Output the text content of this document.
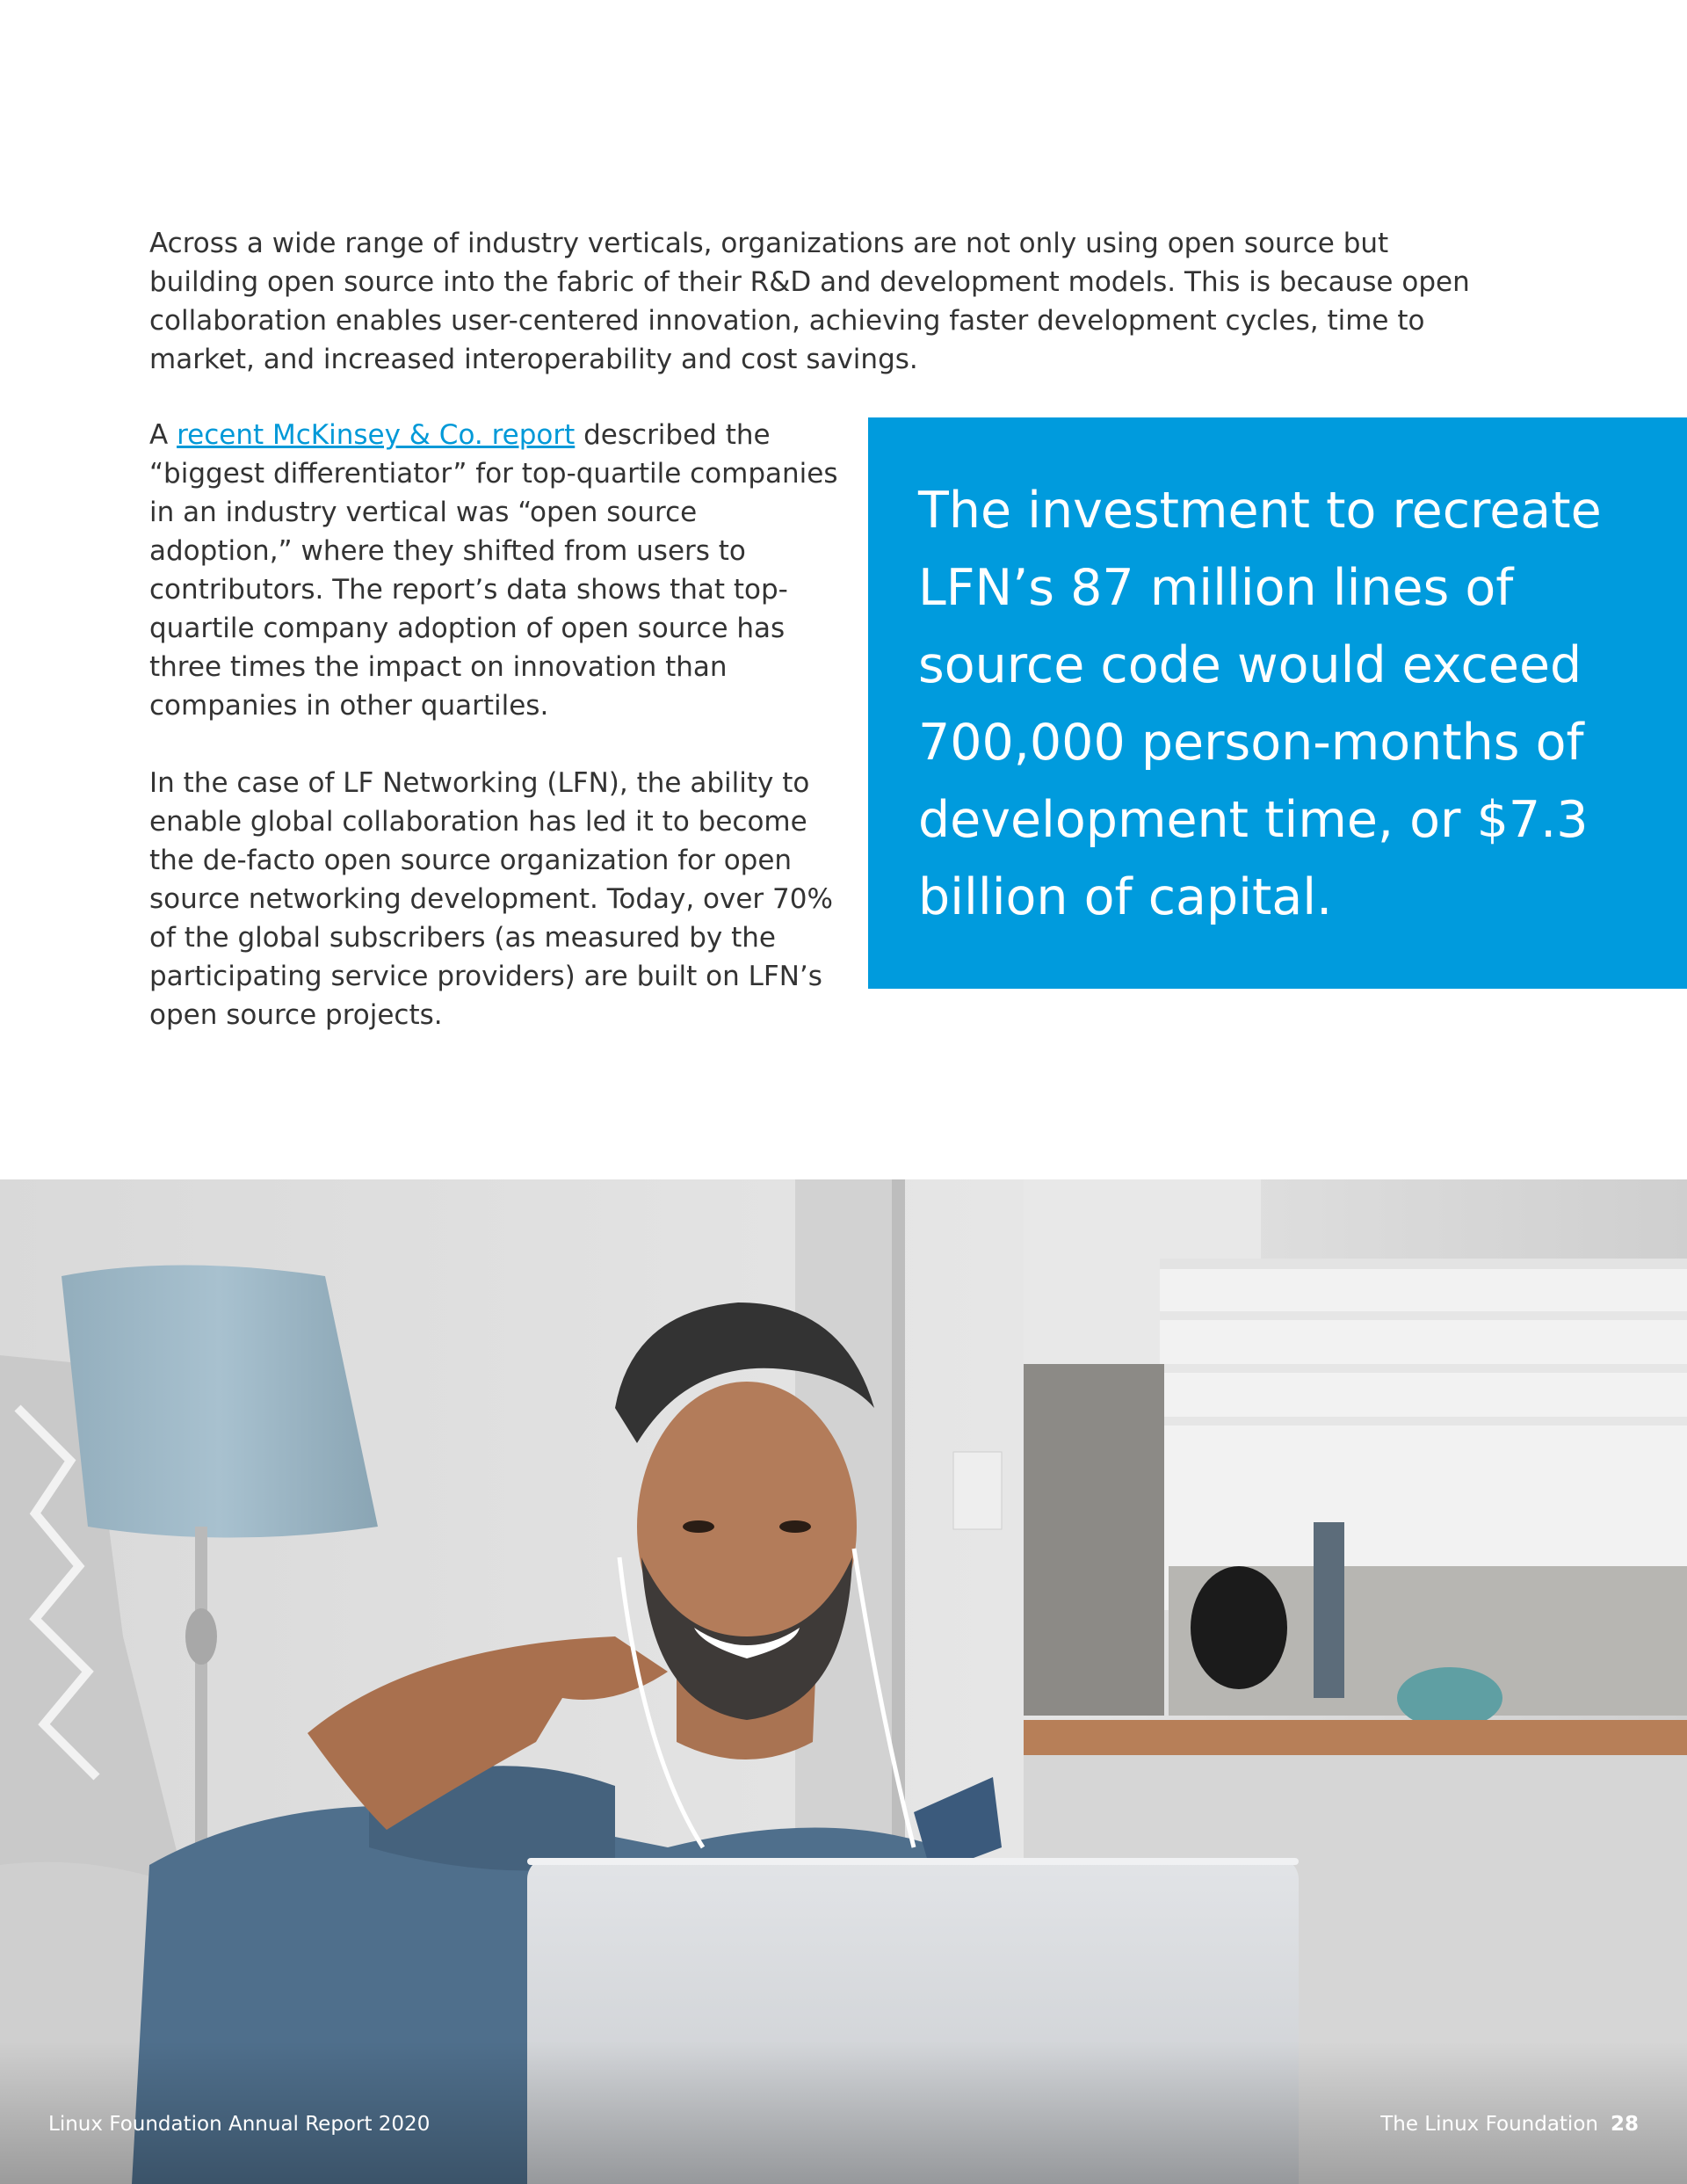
Across a wide range of industry verticals, organizations are not only using open source but building open source into the fabric of their R&D and development models. This is because open collaboration enables user-centered innovation, achieving faster development cycles, time to market, and increased interoperability and cost savings.

A recent McKinsey & Co. report described the “biggest differentiator” for top-quartile companies in an industry vertical was “open source adoption,” where they shifted from users to contributors. The report’s data shows that top-quartile company adoption of open source has three times the impact on innovation than companies in other quartiles.

In the case of LF Networking (LFN), the ability to enable global collaboration has led it to become the de-facto open source organization for open source networking development. Today, over 70% of the global subscribers (as measured by the participating service providers) are built on LFN’s open source projects.

The investment to recreate LFN’s 87 million lines of source code would exceed 700,000 person-months of development time, or $7.3 billion of capital.

Linux Foundation Annual Report 2020	The Linux Foundation 28
